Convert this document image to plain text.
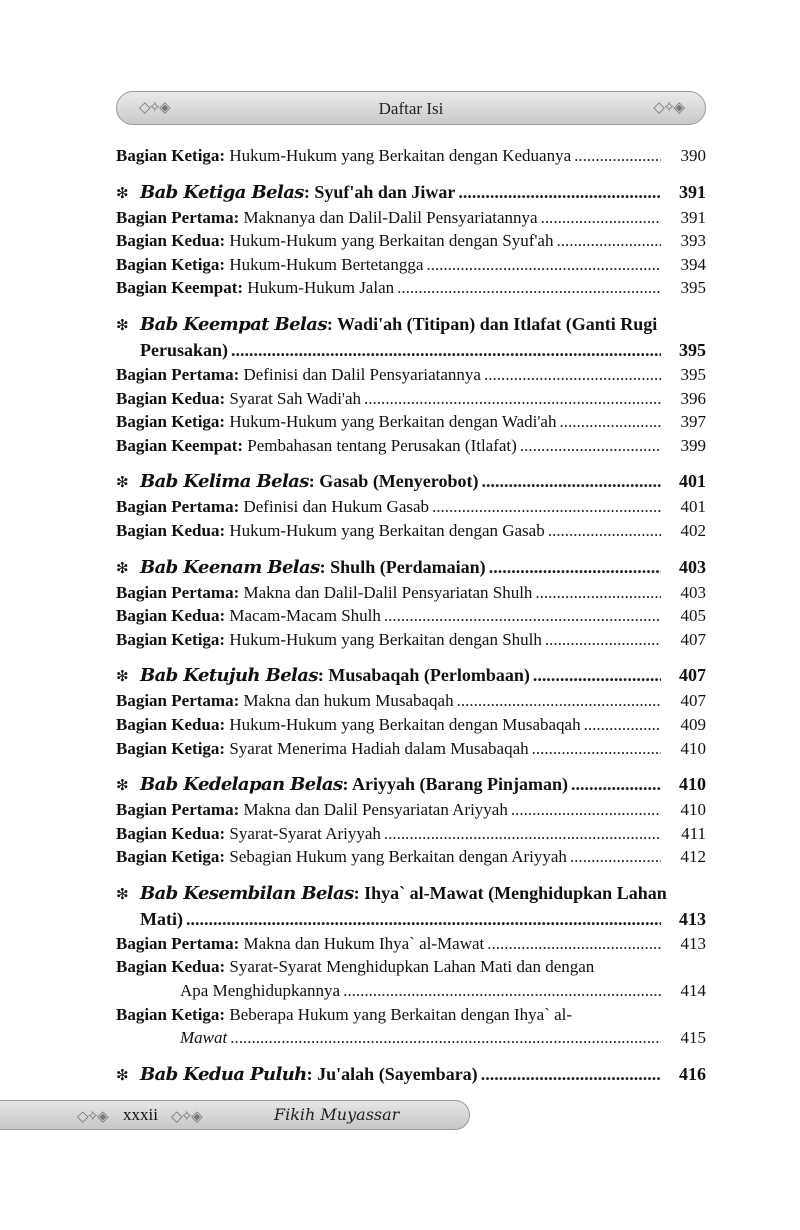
◇✧◈	Daftar Isi	◇✧◈
Bagian Ketiga: Hukum-Hukum yang Berkaitan dengan Keduanya .....	390
❇ Bab Ketiga Belas: Syuf'ah dan Jiwar .....	391
Bagian Pertama: Maknanya dan Dalil-Dalil Pensyariatannya .....	391
Bagian Kedua: Hukum-Hukum yang Berkaitan dengan Syuf'ah .....	393
Bagian Ketiga: Hukum-Hukum Bertetangga .....	394
Bagian Keempat: Hukum-Hukum Jalan .....	395
❇ Bab Keempat Belas: Wadi'ah (Titipan) dan Itlafat (Ganti Rugi
Perusakan) .....	395
Bagian Pertama: Definisi dan Dalil Pensyariatannya .....	395
Bagian Kedua: Syarat Sah Wadi'ah .....	396
Bagian Ketiga: Hukum-Hukum yang Berkaitan dengan Wadi'ah .....	397
Bagian Keempat: Pembahasan tentang Perusakan (Itlafat) .....	399
❇ Bab Kelima Belas: Gasab (Menyerobot) .....	401
Bagian Pertama: Definisi dan Hukum Gasab .....	401
Bagian Kedua: Hukum-Hukum yang Berkaitan dengan Gasab .....	402
❇ Bab Keenam Belas: Shulh (Perdamaian) .....	403
Bagian Pertama: Makna dan Dalil-Dalil Pensyariatan Shulh .....	403
Bagian Kedua: Macam-Macam Shulh .....	405
Bagian Ketiga: Hukum-Hukum yang Berkaitan dengan Shulh .....	407
❇ Bab Ketujuh Belas: Musabaqah (Perlombaan) .....	407
Bagian Pertama: Makna dan hukum Musabaqah .....	407
Bagian Kedua: Hukum-Hukum yang Berkaitan dengan Musabaqah .....	409
Bagian Ketiga: Syarat Menerima Hadiah dalam Musabaqah .....	410
❇ Bab Kedelapan Belas: Ariyyah (Barang Pinjaman) .....	410
Bagian Pertama: Makna dan Dalil Pensyariatan Ariyyah .....	410
Bagian Kedua: Syarat-Syarat Ariyyah .....	411
Bagian Ketiga: Sebagian Hukum yang Berkaitan dengan Ariyyah .....	412
❇ Bab Kesembilan Belas: Ihya` al-Mawat (Menghidupkan Lahan
Mati) .....	413
Bagian Pertama: Makna dan Hukum Ihya` al-Mawat .....	413
Bagian Kedua: Syarat-Syarat Menghidupkan Lahan Mati dan dengan
Apa Menghidupkannya .....	414
Bagian Ketiga: Beberapa Hukum yang Berkaitan dengan Ihya` al-
Mawat .....	415
❇ Bab Kedua Puluh: Ju'alah (Sayembara) .....	416
◇✧◈ xxxii ◇✧◈	Fikih Muyassar
